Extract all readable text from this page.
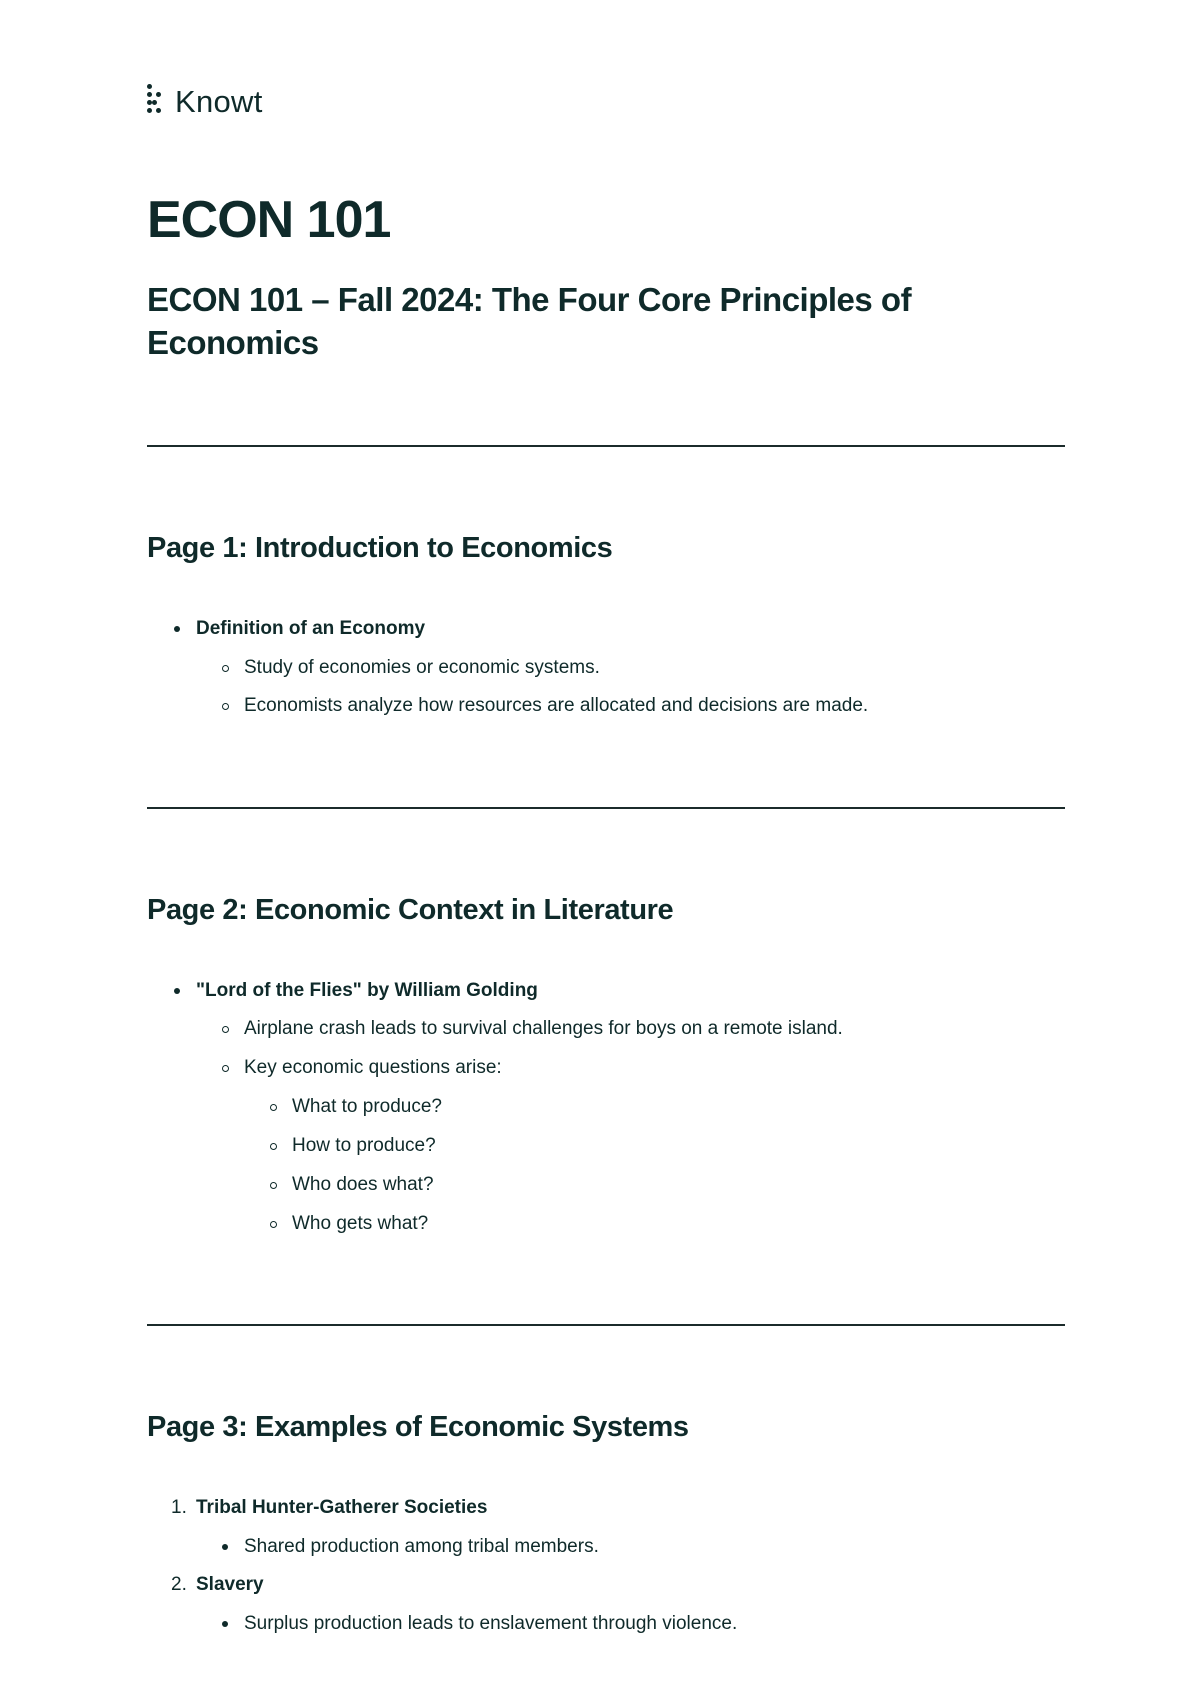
Knowt
ECON 101
ECON 101 – Fall 2024: The Four Core Principles of Economics
Page 1: Introduction to Economics
Definition of an Economy
Study of economies or economic systems.
Economists analyze how resources are allocated and decisions are made.
Page 2: Economic Context in Literature
"Lord of the Flies" by William Golding
Airplane crash leads to survival challenges for boys on a remote island.
Key economic questions arise:
What to produce?
How to produce?
Who does what?
Who gets what?
Page 3: Examples of Economic Systems
1. Tribal Hunter-Gatherer Societies
Shared production among tribal members.
2. Slavery
Surplus production leads to enslavement through violence.
